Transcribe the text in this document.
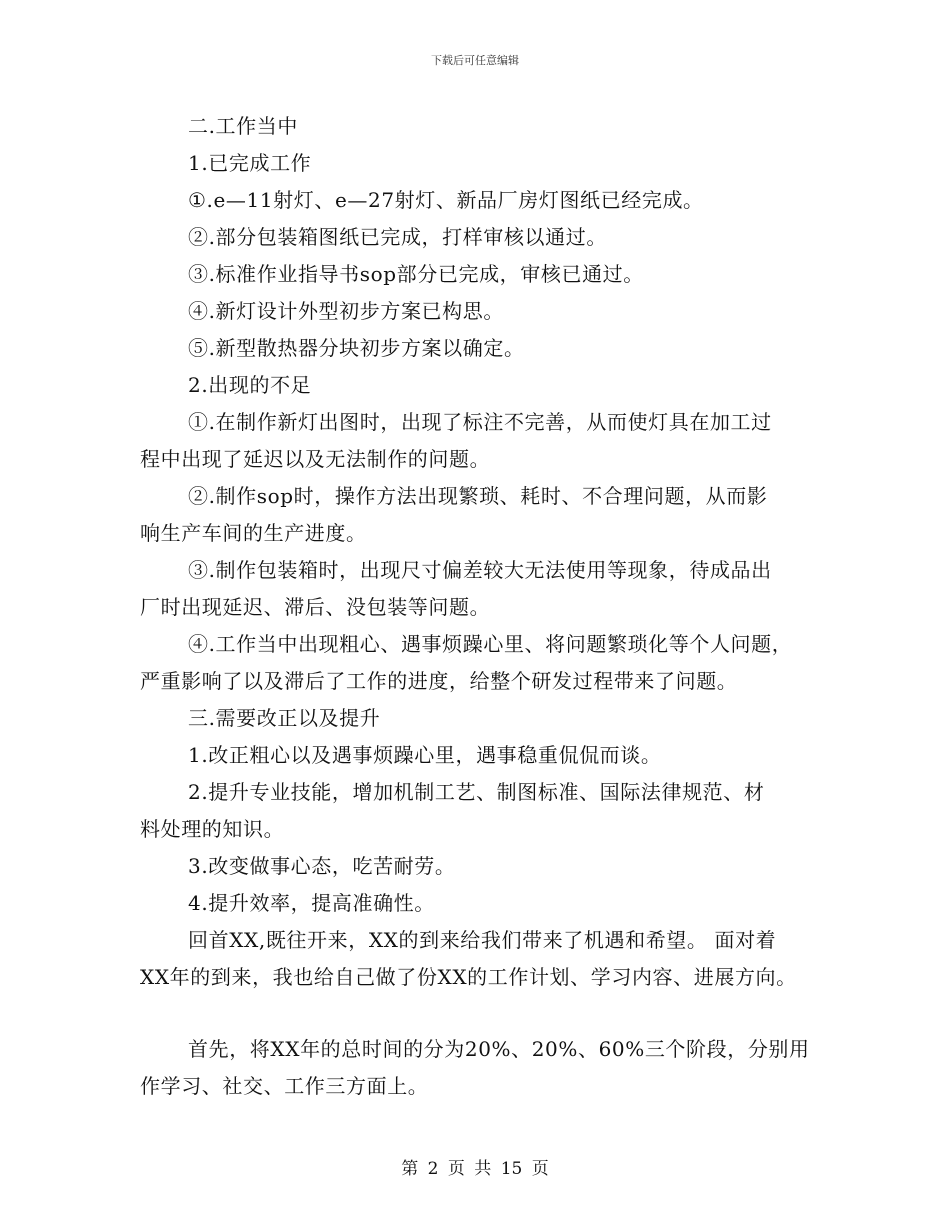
下载后可任意编辑
二.工作当中
1.已完成工作
①.e—11射灯、e—27射灯、新品厂房灯图纸已经完成。
②.部分包装箱图纸已完成，打样审核以通过。
③.标准作业指导书sop部分已完成，审核已通过。
④.新灯设计外型初步方案已构思。
⑤.新型散热器分块初步方案以确定。
2.出现的不足
①.在制作新灯出图时，出现了标注不完善，从而使灯具在加工过
程中出现了延迟以及无法制作的问题。
②.制作sop时，操作方法出现繁琐、耗时、不合理问题，从而影
响生产车间的生产进度。
③.制作包装箱时，出现尺寸偏差较大无法使用等现象，待成品出
厂时出现延迟、滞后、没包装等问题。
④.工作当中出现粗心、遇事烦躁心里、将问题繁琐化等个人问题，
严重影响了以及滞后了工作的进度，给整个研发过程带来了问题。
三.需要改正以及提升
1.改正粗心以及遇事烦躁心里，遇事稳重侃侃而谈。
2.提升专业技能，增加机制工艺、制图标准、国际法律规范、材
料处理的知识。
3.改变做事心态，吃苦耐劳。
4.提升效率，提高准确性。
回首XX,既往开来，XX的到来给我们带来了机遇和希望。 面对着
XX年的到来，我也给自己做了份XX的工作计划、学习内容、进展方向。
首先，将XX年的总时间的分为20%、20%、60%三个阶段，分别用
作学习、社交、工作三方面上。
第 2 页 共 15 页
